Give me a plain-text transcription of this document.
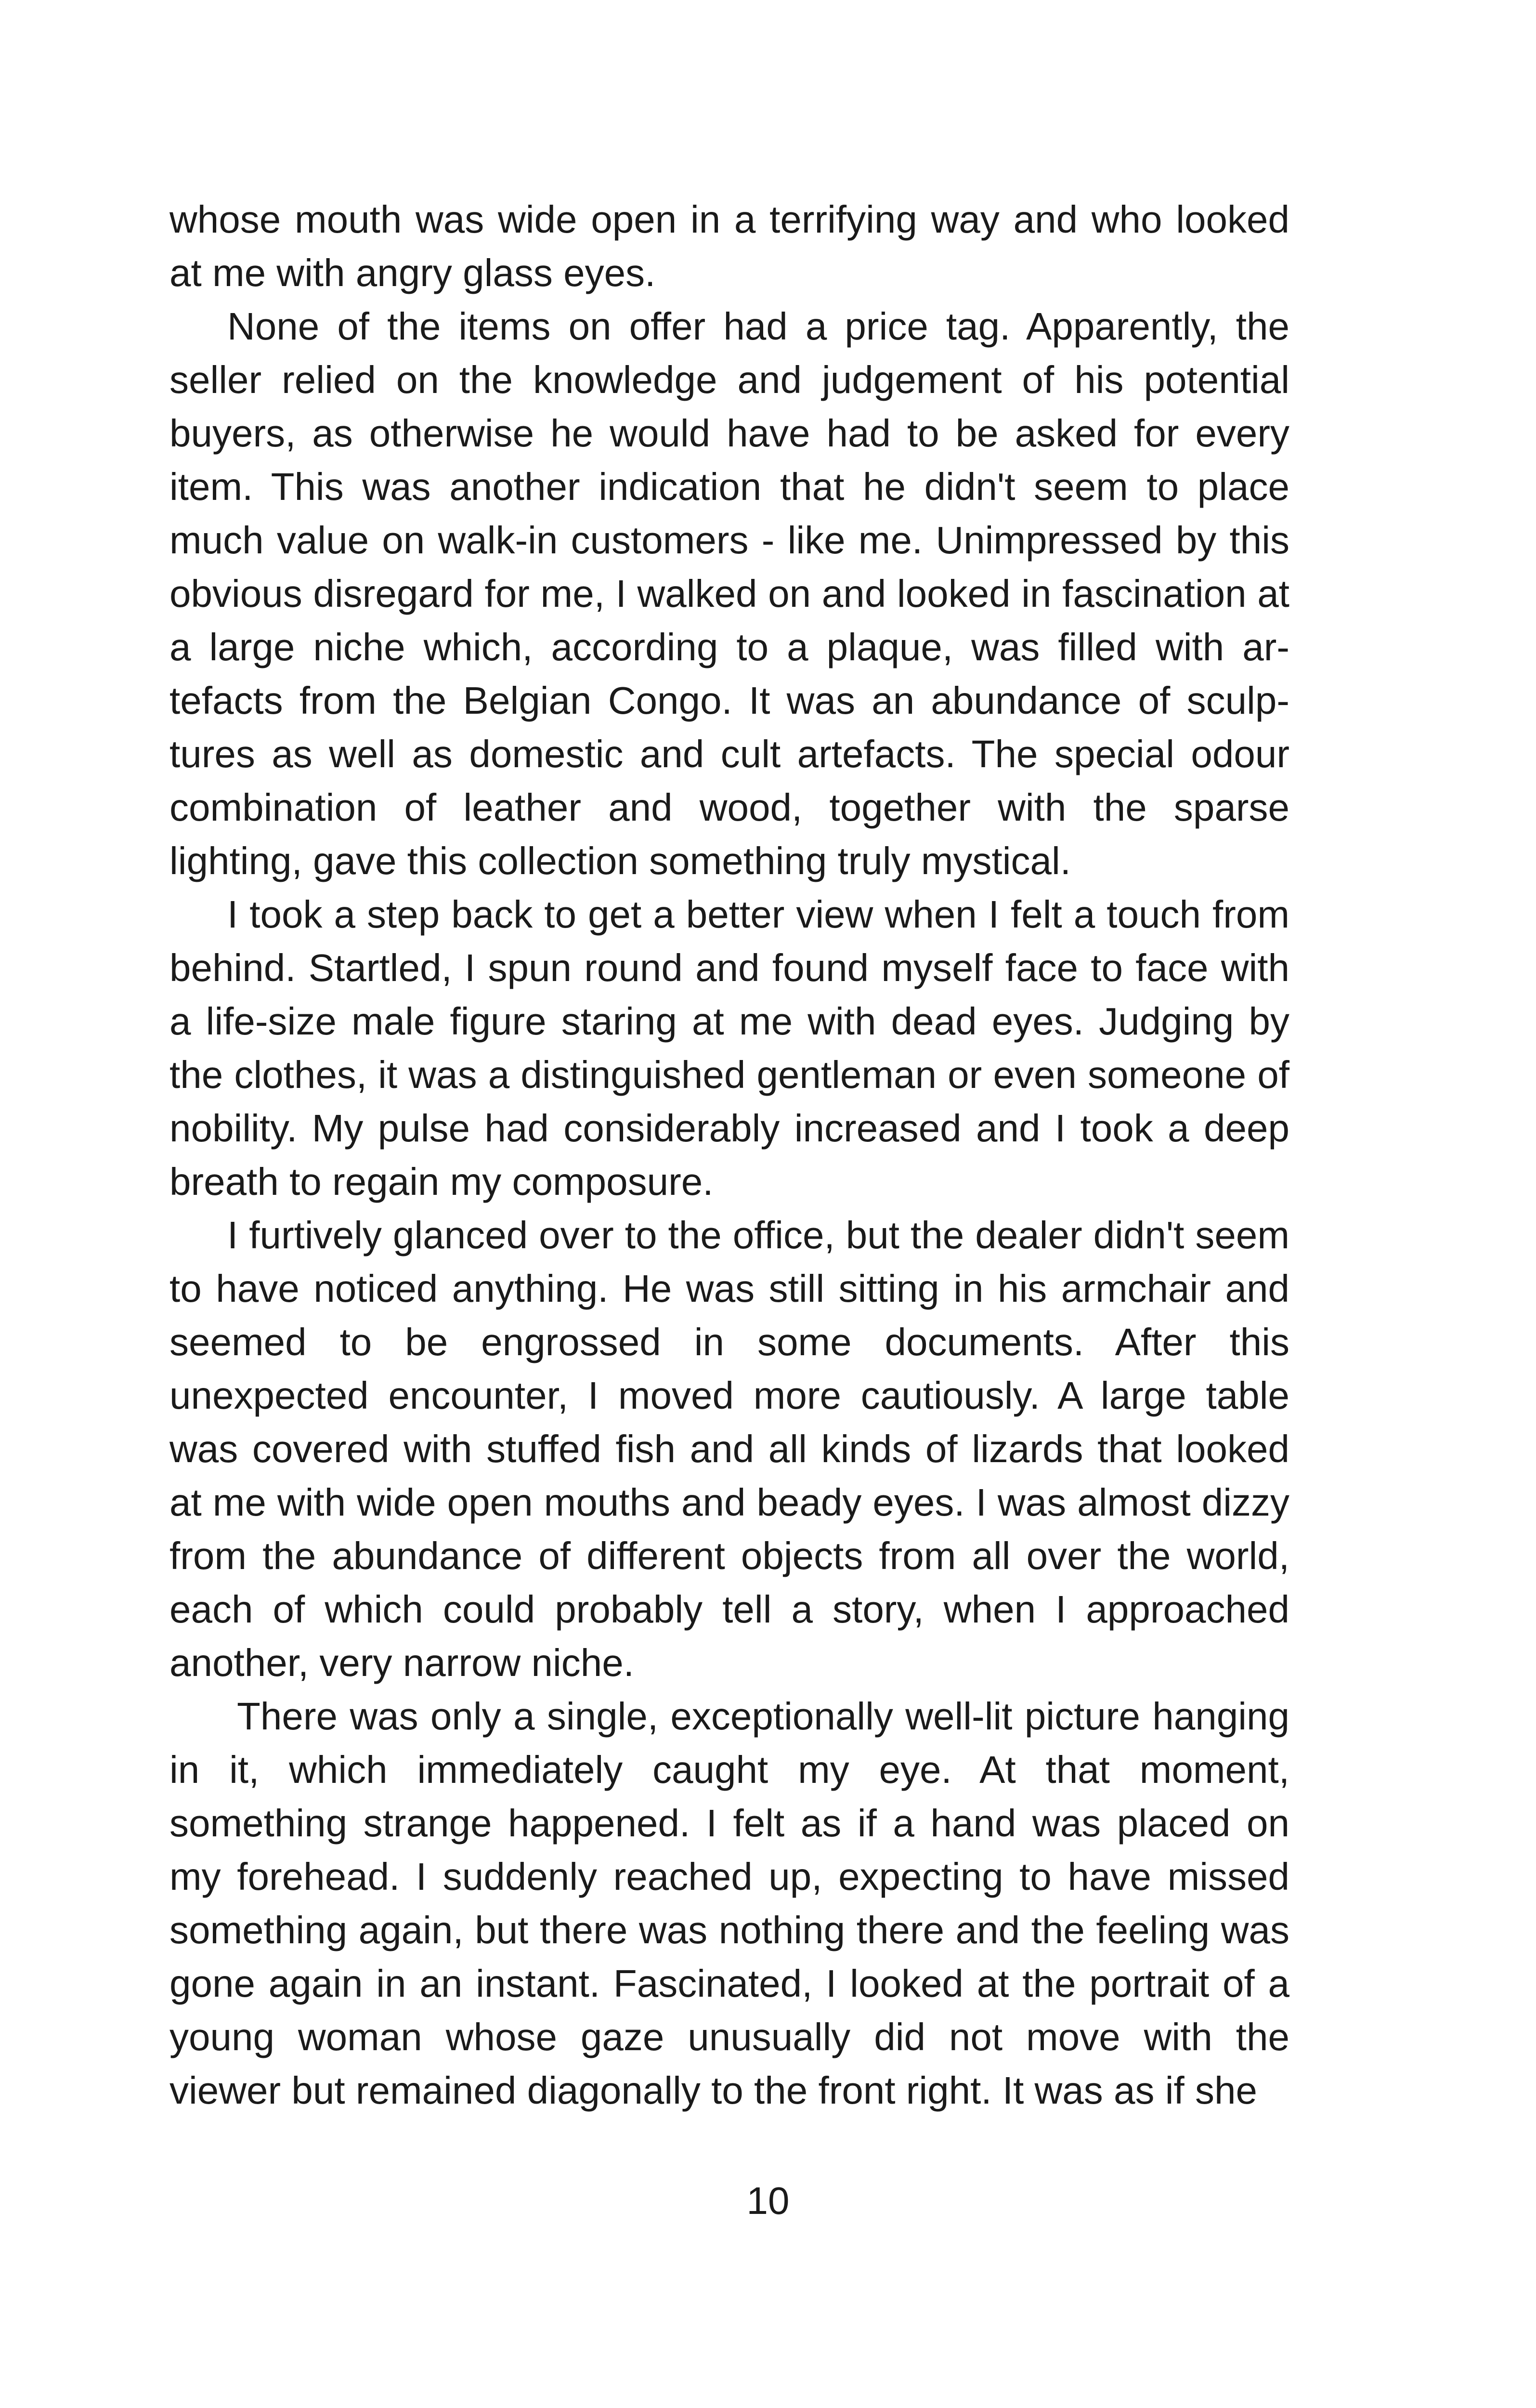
whose mouth was wide open in a terrifying way and who looked at me with angry glass eyes.

None of the items on offer had a price tag. Apparently, the seller relied on the knowledge and judgement of his potential buyers, as otherwise he would have had to be asked for every item. This was another indication that he didn't seem to place much value on walk-in customers - like me. Unimpressed by this obvious disregard for me, I walked on and looked in fascination at a large niche which, according to a plaque, was filled with artefacts from the Belgian Congo. It was an abundance of sculptures as well as domestic and cult artefacts. The special odour combination of leather and wood, together with the sparse lighting, gave this collection something truly mystical.

I took a step back to get a better view when I felt a touch from behind. Startled, I spun round and found myself face to face with a life-size male figure staring at me with dead eyes. Judging by the clothes, it was a distinguished gentleman or even someone of nobility. My pulse had considerably increased and I took a deep breath to regain my composure.

I furtively glanced over to the office, but the dealer didn't seem to have noticed anything. He was still sitting in his armchair and seemed to be engrossed in some documents. After this unexpected encounter, I moved more cautiously. A large table was covered with stuffed fish and all kinds of lizards that looked at me with wide open mouths and beady eyes. I was almost dizzy from the abundance of different objects from all over the world, each of which could probably tell a story, when I approached another, very narrow niche.

There was only a single, exceptionally well-lit picture hanging in it, which immediately caught my eye. At that moment, something strange happened. I felt as if a hand was placed on my forehead. I suddenly reached up, expecting to have missed something again, but there was nothing there and the feeling was gone again in an instant. Fascinated, I looked at the portrait of a young woman whose gaze unusually did not move with the viewer but remained diagonally to the front right. It was as if she

10
